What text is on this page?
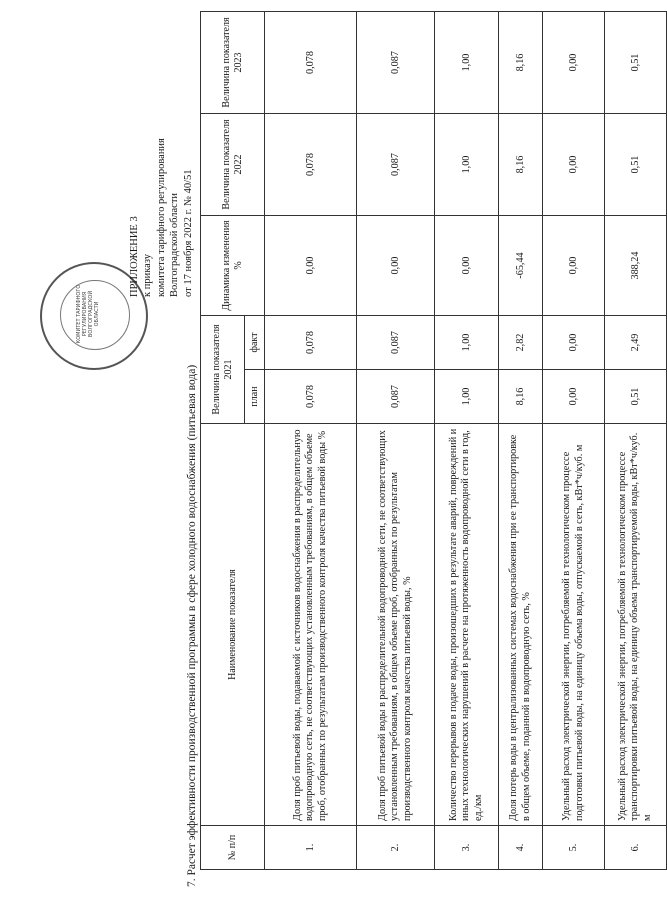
КОМИТЕТ ТАРИФНОГО РЕГУЛИРОВАНИЯ ВОЛГОГРАДСКОЙ ОБЛАСТИ
ПРИЛОЖЕНИЕ 3 к приказу комитета тарифного регулирования Волгоградской области от 17 ноября 2022 г. № 40/51
7. Расчет эффективности производственной программы в сфере холодного водоснабжения (питьевая вода)	№ п/п	Наименование показателя	Величина показателя 2021		Динамика изменения %	Величина показателя 2022	Величина показателя 2023
		план	факт			
1.	Доля проб питьевой воды, подаваемой с источников водоснабжения в распределительную водопроводную сеть, не соответствующих установленным требованиям, в общем объеме проб, отобранных по результатам производственного контроля качества питьевой воды %	0,078	0,078	0,00	0,078	0,078
2.	Доля проб питьевой воды в распределительной водопроводной сети, не соответствующих установленным требованиям, в общем объеме проб, отобранных по результатам производственного контроля качества питьевой воды, %	0,087	0,087	0,00	0,087	0,087
3.	Количество перерывов в подаче воды, произошедших в результате аварий, повреждений и иных технологических нарушений в расчете на протяженность водопроводной сети в год, ед./км	1,00	1,00	0,00	1,00	1,00
4.	Доля потерь воды в централизованных системах водоснабжения при ее транспортировке в общем объеме, поданной в водопроводную сеть, %	8,16	2,82	-65,44	8,16	8,16
5.	Удельный расход электрической энергии, потребляемой в технологическом процессе подготовки питьевой воды, на единицу объема воды, отпускаемой в сеть, кВт*ч/куб. м	0,00	0,00	0,00	0,00	0,00
6.	Удельный расход электрической энергии, потребляемой в технологическом процессе транспортировки питьевой воды, на единицу объема транспортируемой воды, кВт*ч/куб. м	0,51	2,49	388,24	0,51	0,51
